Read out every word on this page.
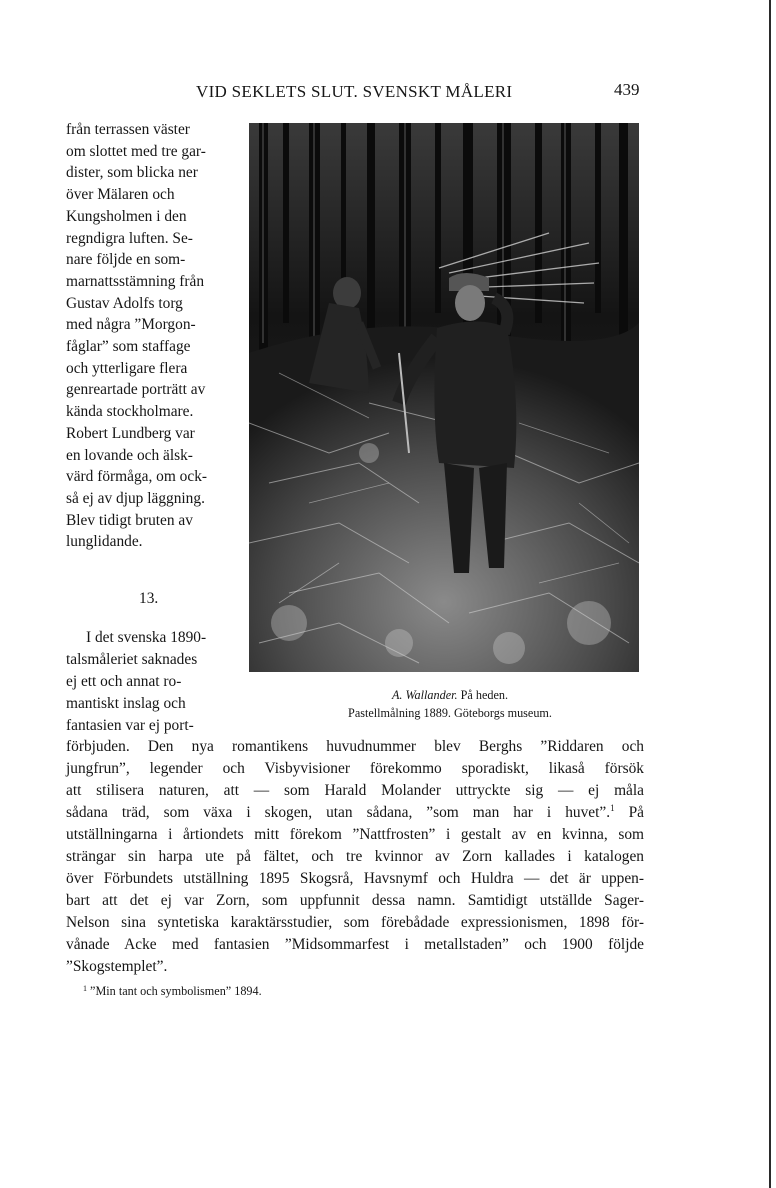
VID SEKLETS SLUT. SVENSKT MÅLERI	439

från terrassen väster

om slottet med tre gar-

dister, som blicka ner

över Mälaren och

Kungsholmen i den

regndigra luften. Se-

nare följde en som-

marnattsstämning från

Gustav Adolfs torg

med några ”Morgon-

fåglar” som staffage

och ytterligare flera

genreartade porträtt av

kända stockholmare.

Robert Lundberg var

en lovande och älsk-

värd förmåga, om ock-

så ej av djup läggning.

Blev tidigt bruten av

lunglidande.

13.

I det svenska 1890-

talsmåleriet saknades

ej ett och annat ro-

mantiskt inslag och

fantasien var ej port-

A. Wallander. På heden.
Pastellmålning 1889. Göteborgs museum.

förbjuden. Den nya romantikens huvudnummer blev Berghs ”Riddaren och

jungfrun”, legender och Visbyvisioner förekommo sporadiskt, likaså försök

att stilisera naturen, att — som Harald Molander uttryckte sig — ej måla

sådana träd, som växa i skogen, utan sådana, ”som man har i huvet”.$^1$ På

utställningarna i årtiondets mitt förekom ”Nattfrosten” i gestalt av en kvinna, som

strängar sin harpa ute på fältet, och tre kvinnor av Zorn kallades i katalogen

över Förbundets utställning 1895 Skogsrå, Havsnymf och Huldra — det är uppen-

bart att det ej var Zorn, som uppfunnit dessa namn. Samtidigt utställde Sager-

Nelson sina syntetiska karaktärsstudier, som förebådade expressionismen, 1898 för-

vånade Acke med fantasien ”Midsommarfest i metallstaden” och 1900 följde

”Skogstemplet”.

$^1$ ”Min tant och symbolismen” 1894.
